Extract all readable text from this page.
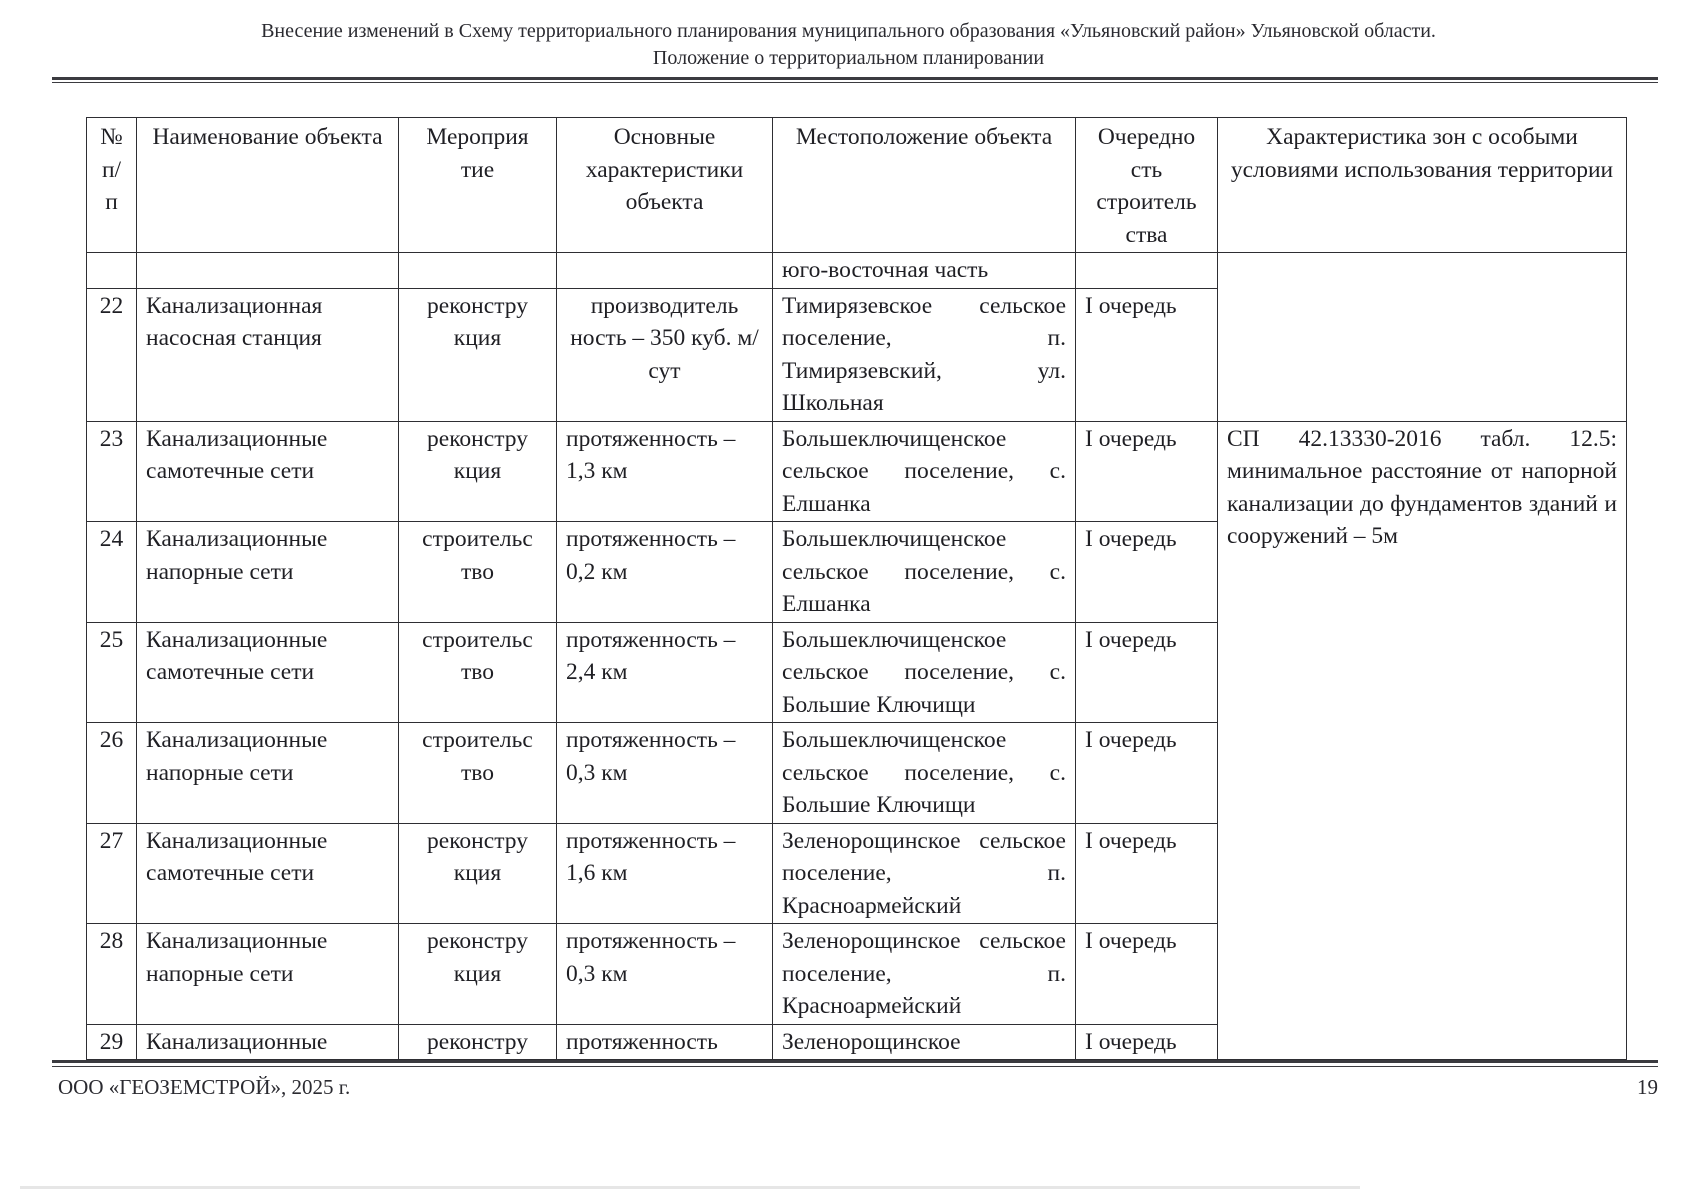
Внесение изменений в Схему территориального планирования муниципального образования «Ульяновский район» Ульяновской области.
Положение о территориальном планировании
№ п/ п	Наименование объекта	Мероприя тие	Основные характеристики объекта	Местоположение объекта	Очередно сть строитель ства	Характеристика зон с особыми условиями использования территории
				юго-восточная часть		
22	Канализационная насосная станция	реконстру кция	производитель ность – 350 куб. м/сут	Тимирязевское сельское поселение, п. Тимирязевский, ул. Школьная	I очередь	
23	Канализационные самотечные сети	реконстру кция	протяженность – 1,3 км	Большеключищенское сельское поселение, с. Елшанка	I очередь	СП 42.13330-2016 табл. 12.5: минимальное расстояние от напорной канализации до фундаментов зданий и сооружений – 5м
24	Канализационные напорные сети	строительс тво	протяженность – 0,2 км	Большеключищенское сельское поселение, с. Елшанка	I очередь	
25	Канализационные самотечные сети	строительс тво	протяженность – 2,4 км	Большеключищенское сельское поселение, с. Большие Ключищи	I очередь	
26	Канализационные напорные сети	строительс тво	протяженность – 0,3 км	Большеключищенское сельское поселение, с. Большие Ключищи	I очередь	
27	Канализационные самотечные сети	реконстру кция	протяженность – 1,6 км	Зеленорощинское сельское поселение, п. Красноармейский	I очередь	
28	Канализационные напорные сети	реконстру кция	протяженность – 0,3 км	Зеленорощинское сельское поселение, п. Красноармейский	I очередь	
29	Канализационные	реконстру	протяженность	Зеленорощинское	I очередь	
ООО «ГЕОЗЕМСТРОЙ», 2025 г.	19
